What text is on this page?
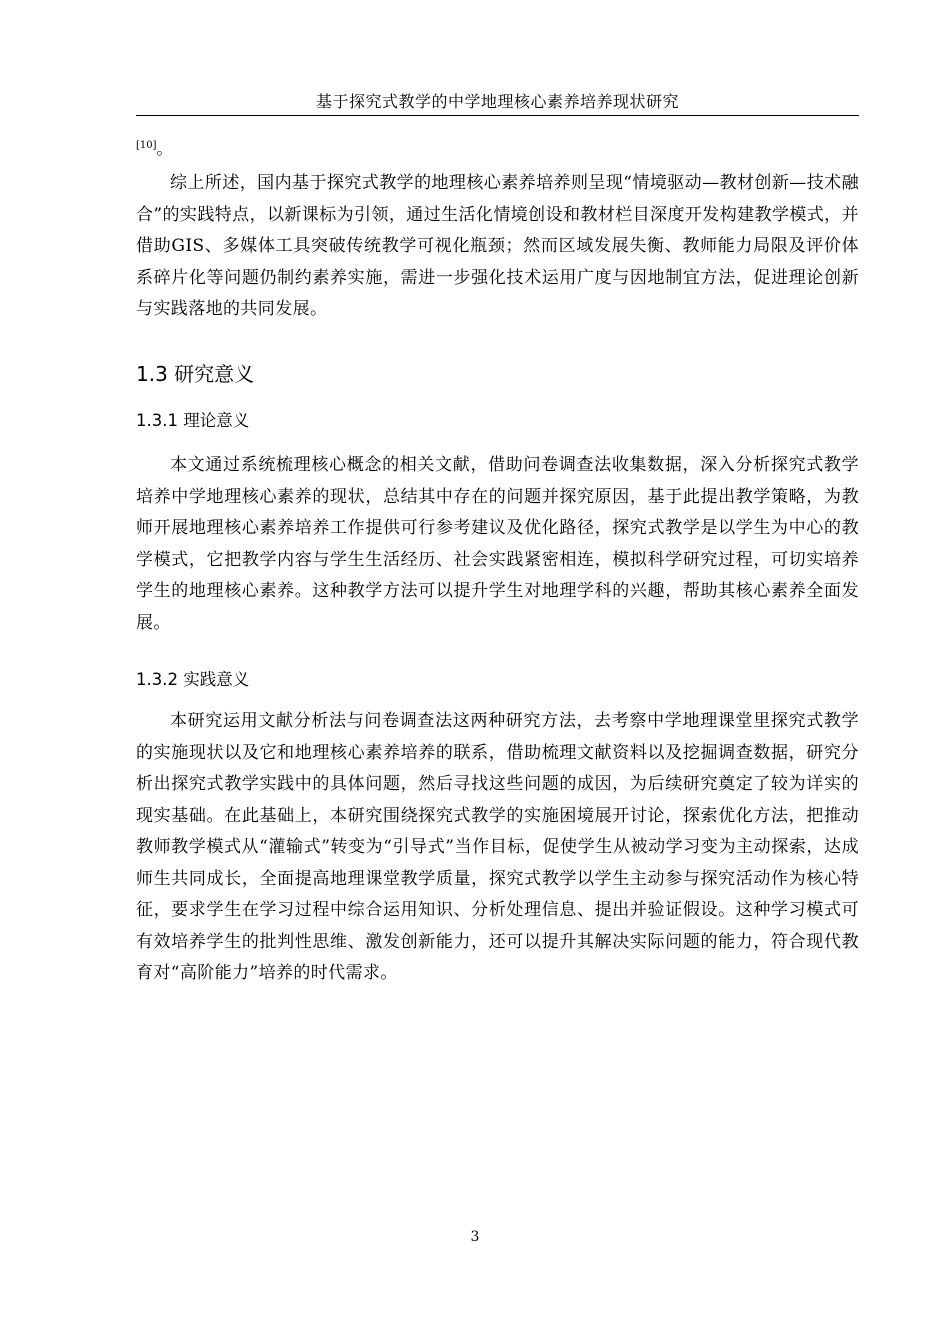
基于探究式教学的中学地理核心素养培养现状研究
[10]。

综上所述，国内基于探究式教学的地理核心素养培养则呈现“情境驱动—教材创新—技术融合”的实践特点，以新课标为引领，通过生活化情境创设和教材栏目深度开发构建教学模式，并借助GIS、多媒体工具突破传统教学可视化瓶颈；然而区域发展失衡、教师能力局限及评价体系碎片化等问题仍制约素养实施，需进一步强化技术运用广度与因地制宜方法，促进理论创新与实践落地的共同发展。

1.3 研究意义
1.3.1 理论意义

本文通过系统梳理核心概念的相关文献，借助问卷调查法收集数据，深入分析探究式教学培养中学地理核心素养的现状，总结其中存在的问题并探究原因，基于此提出教学策略，为教师开展地理核心素养培养工作提供可行参考建议及优化路径，探究式教学是以学生为中心的教学模式，它把教学内容与学生生活经历、社会实践紧密相连，模拟科学研究过程，可切实培养学生的地理核心素养。这种教学方法可以提升学生对地理学科的兴趣，帮助其核心素养全面发展。

1.3.2 实践意义

本研究运用文献分析法与问卷调查法这两种研究方法，去考察中学地理课堂里探究式教学的实施现状以及它和地理核心素养培养的联系，借助梳理文献资料以及挖掘调查数据，研究分析出探究式教学实践中的具体问题，然后寻找这些问题的成因，为后续研究奠定了较为详实的现实基础。在此基础上，本研究围绕探究式教学的实施困境展开讨论，探索优化方法，把推动教师教学模式从“灌输式”转变为“引导式”当作目标，促使学生从被动学习变为主动探索，达成师生共同成长，全面提高地理课堂教学质量，探究式教学以学生主动参与探究活动作为核心特征，要求学生在学习过程中综合运用知识、分析处理信息、提出并验证假设。这种学习模式可有效培养学生的批判性思维、激发创新能力，还可以提升其解决实际问题的能力，符合现代教育对“高阶能力”培养的时代需求。

3
